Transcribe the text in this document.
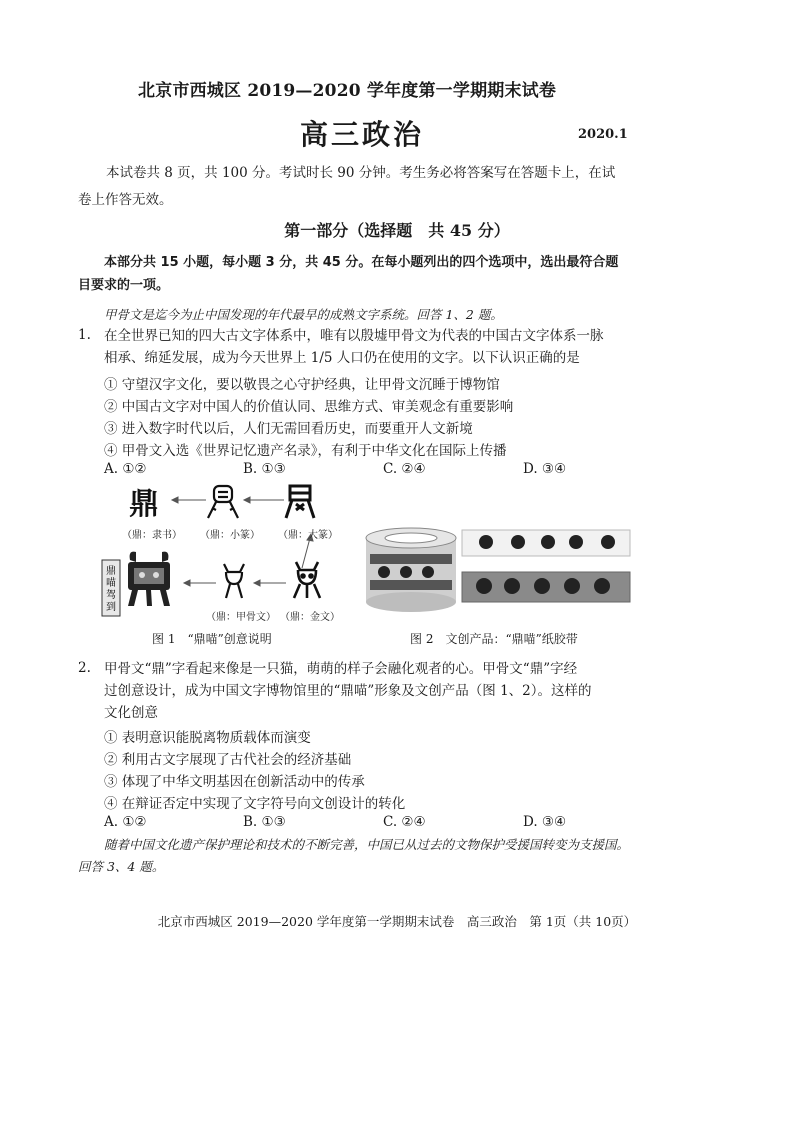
北京市西城区 2019—2020 学年度第一学期期末试卷
高三政治	2020.1
本试卷共 8 页，共 100 分。考试时长 90 分钟。考生务必将答案写在答题卡上，在试卷上作答无效。
第一部分（选择题　共 45 分）
本部分共 15 小题，每小题 3 分，共 45 分。在每小题列出的四个选项中，选出最符合题目要求的一项。
甲骨文是迄今为止中国发现的年代最早的成熟文字系统。回答 1、2 题。
1. 在全世界已知的四大古文字体系中，唯有以殷墟甲骨文为代表的中国古文字体系一脉
相承、绵延发展，成为今天世界上 1/5 人口仍在使用的文字。以下认识正确的是
① 守望汉字文化，要以敬畏之心守护经典，让甲骨文沉睡于博物馆
② 中国古文字对中国人的价值认同、思维方式、审美观念有重要影响
③ 进入数字时代以后，人们无需回看历史，而要重开人文新境
④ 甲骨文入选《世界记忆遗产名录》，有利于中华文化在国际上传播
A. ①②	B. ①③	C. ②④	D. ③④
鼎
鼎
喵
驾
到
（鼎：隶书） （鼎：小篆） （鼎：大篆）
（鼎：甲骨文） （鼎：金文）
图 1　“鼎喵”创意说明	图 2　文创产品：“鼎喵”纸胶带
2. 甲骨文“鼎”字看起来像是一只猫，萌萌的样子会融化观者的心。甲骨文“鼎”字经
过创意设计，成为中国文字博物馆里的“鼎喵”形象及文创产品（图 1、2）。这样的
文化创意
① 表明意识能脱离物质载体而演变
② 利用古文字展现了古代社会的经济基础
③ 体现了中华文明基因在创新活动中的传承
④ 在辩证否定中实现了文字符号向文创设计的转化
A. ①②	B. ①③	C. ②④	D. ③④
随着中国文化遗产保护理论和技术的不断完善，中国已从过去的文物保护受援国转变为支援国。回答 3、4 题。
北京市西城区 2019—2020 学年度第一学期期末试卷　高三政治　第 1页（共 10页）
